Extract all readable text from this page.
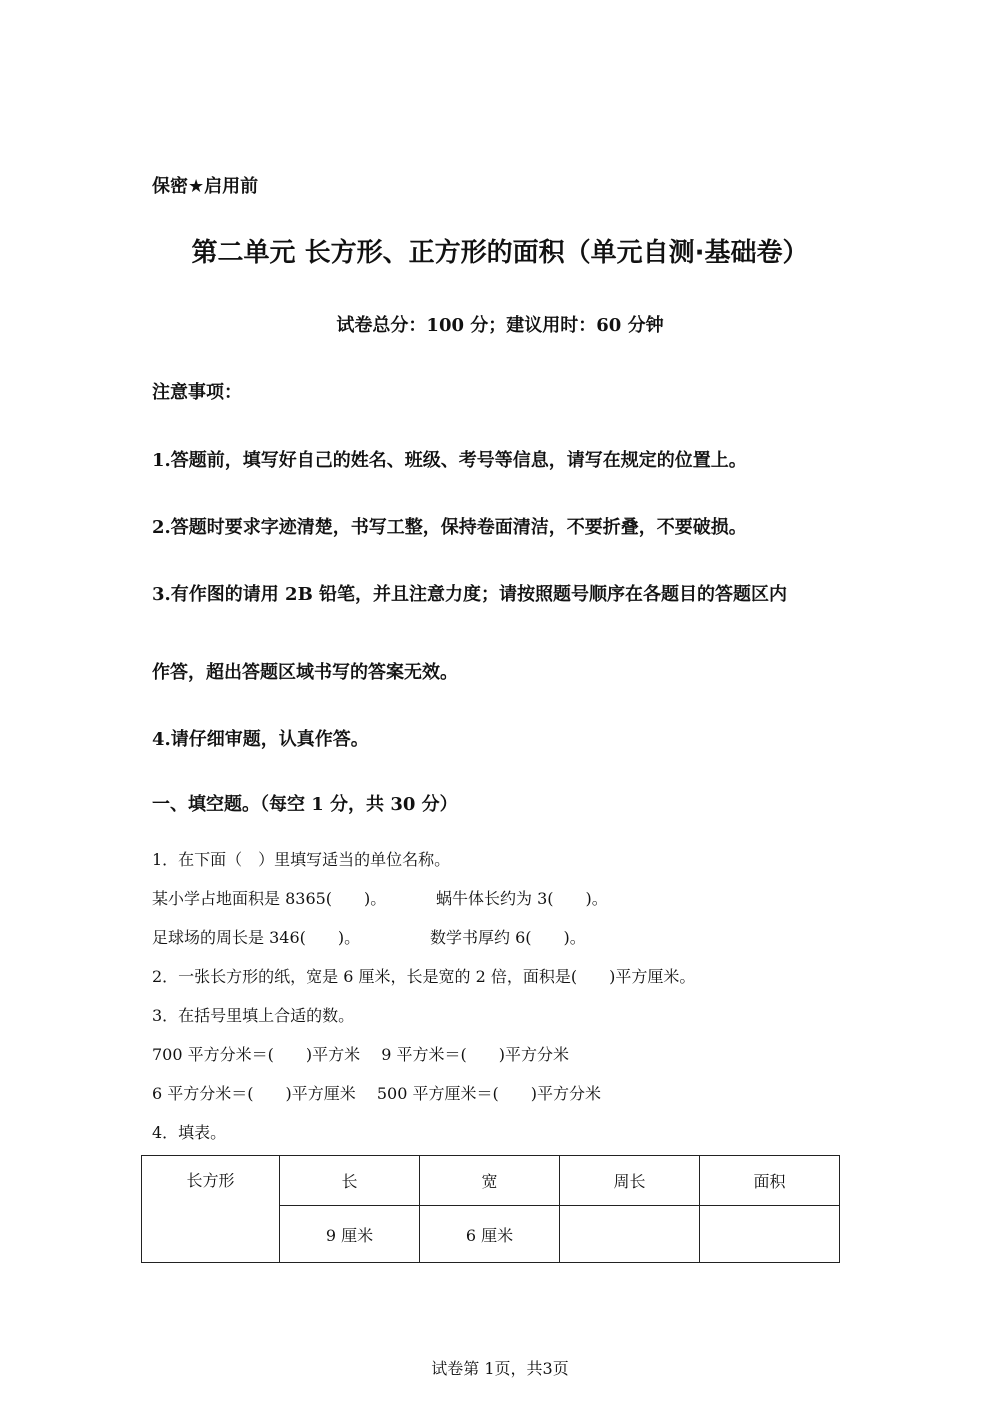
保密★启用前
第二单元 长方形、正方形的面积（单元自测·基础卷）
试卷总分：100 分；建议用时：60 分钟
注意事项：
1.答题前，填写好自己的姓名、班级、考号等信息，请写在规定的位置上。
2.答题时要求字迹清楚，书写工整，保持卷面清洁，不要折叠，不要破损。
3.有作图的请用 2B 铅笔，并且注意力度；请按照题号顺序在各题目的答题区内
作答，超出答题区域书写的答案无效。
4.请仔细审题，认真作答。
一、填空题。（每空 1 分，共 30 分）
1．在下面（　）里填写适当的单位名称。
某小学占地面积是 8365(　　)。	蜗牛体长约为 3(　　)。
足球场的周长是 346(　　)。	数学书厚约 6(　　)。
2．一张长方形的纸，宽是 6 厘米，长是宽的 2 倍，面积是(　　)平方厘米。
3．在括号里填上合适的数。
700 平方分米＝(　　)平方米　 9 平方米＝(　　)平方分米
6 平方分米＝(　　)平方厘米　 500 平方厘米＝(　　)平方分米
4．填表。
长方形	长	宽	周长	面积
	9 厘米	6 厘米		
试卷第 1页，共3页
